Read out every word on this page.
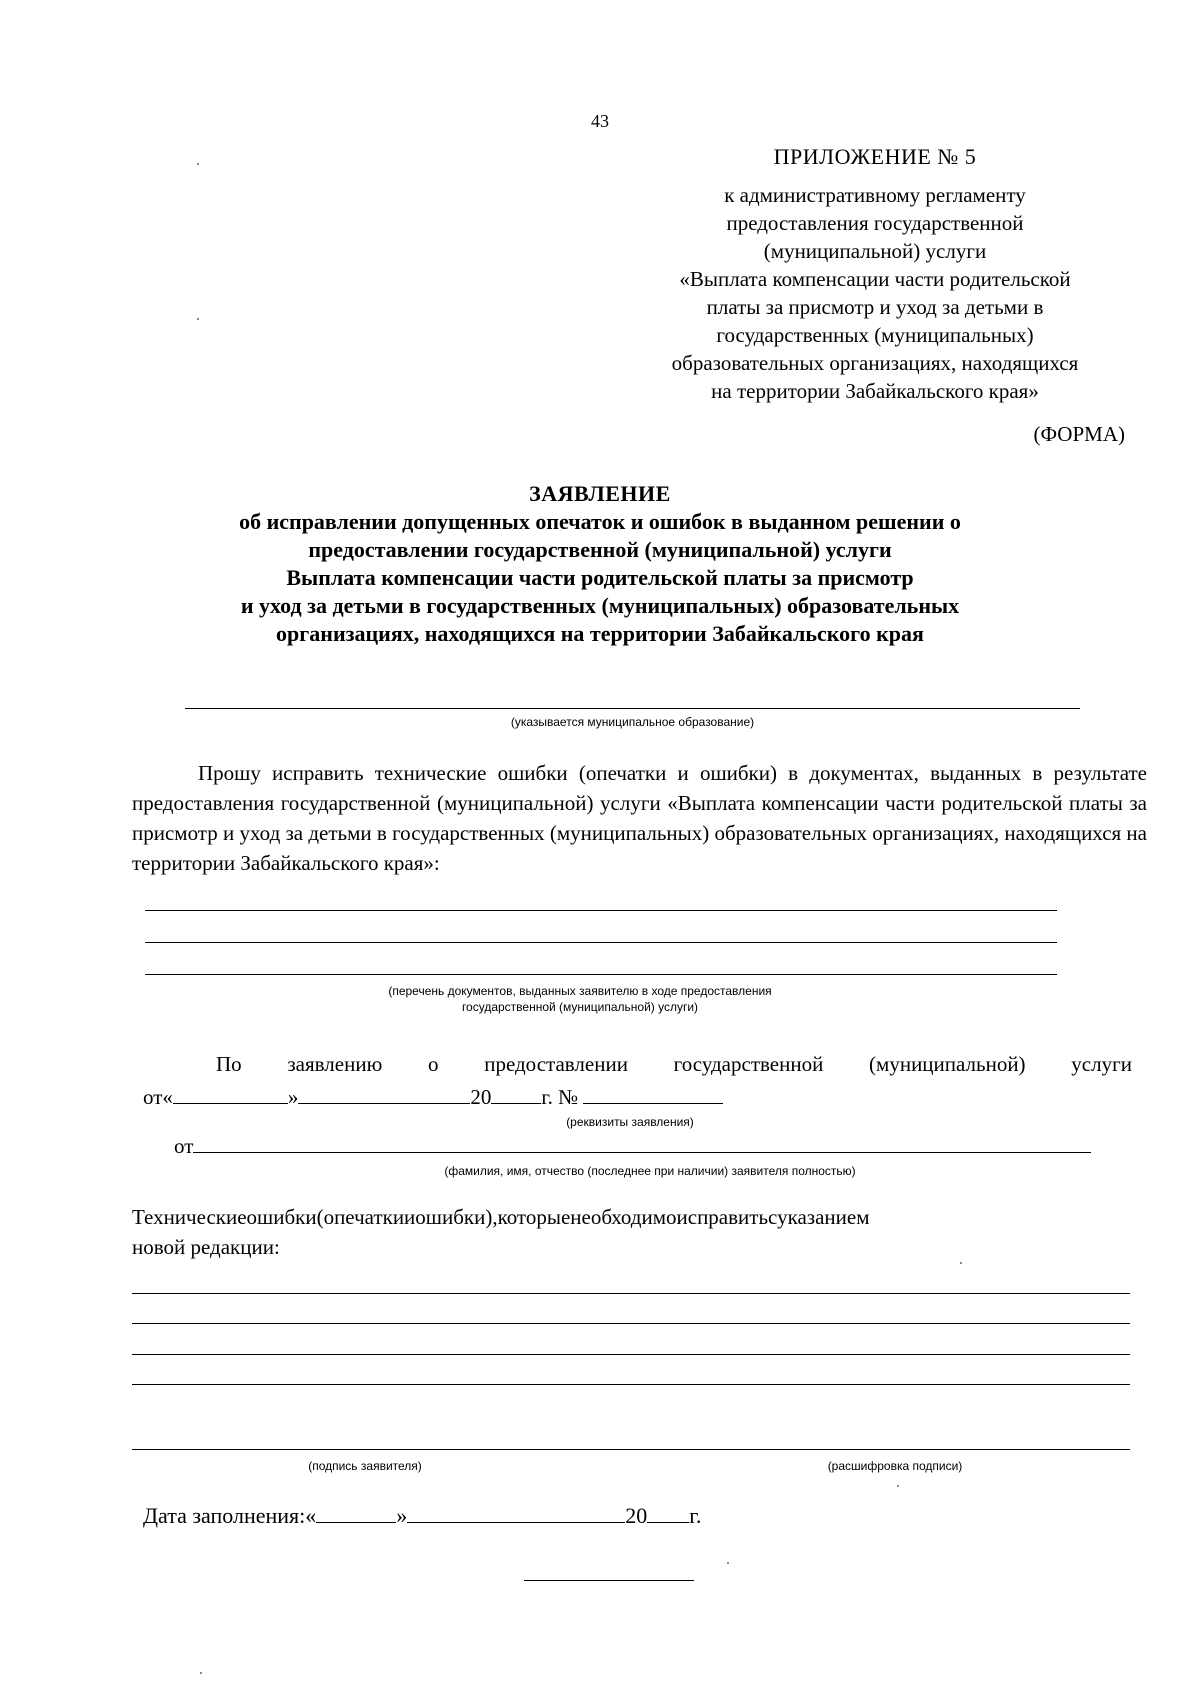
43
ПРИЛОЖЕНИЕ № 5
к административному регламенту
предоставления государственной
(муниципальной) услуги
«Выплата компенсации части родительской
платы за присмотр и уход за детьми в
государственных (муниципальных)
образовательных организациях, находящихся
на территории Забайкальского края»
(ФОРМА)
ЗАЯВЛЕНИЕ
об исправлении допущенных опечаток и ошибок в выданном решении о
предоставлении государственной (муниципальной) услуги
Выплата компенсации части родительской платы за присмотр
и уход за детьми в государственных (муниципальных) образовательных
организациях, находящихся на территории Забайкальского края
(указывается муниципальное образование)
Прошу исправить технические ошибки (опечатки и ошибки) в документах, выданных в результате предоставления государственной (муниципальной) услуги «Выплата компенсации части родительской платы за присмотр и уход за детьми в государственных (муниципальных) образовательных организациях, находящихся на территории Забайкальского края»:
(перечень документов, выданных заявителю в ходе предоставления
государственной (муниципальной) услуги)
По заявлению о предоставлении государственной (муниципальной) услуги
от«	»	20 г. №
(реквизиты заявления)
от
(фамилия, имя, отчество (последнее при наличии) заявителя полностью)
Техническиеошибки(опечаткииошибки),которыенеобходимоисправитьсуказанием
новой редакции:
(подпись заявителя)	(расшифровка подписи)
Дата заполнения:«	»	20 г.
